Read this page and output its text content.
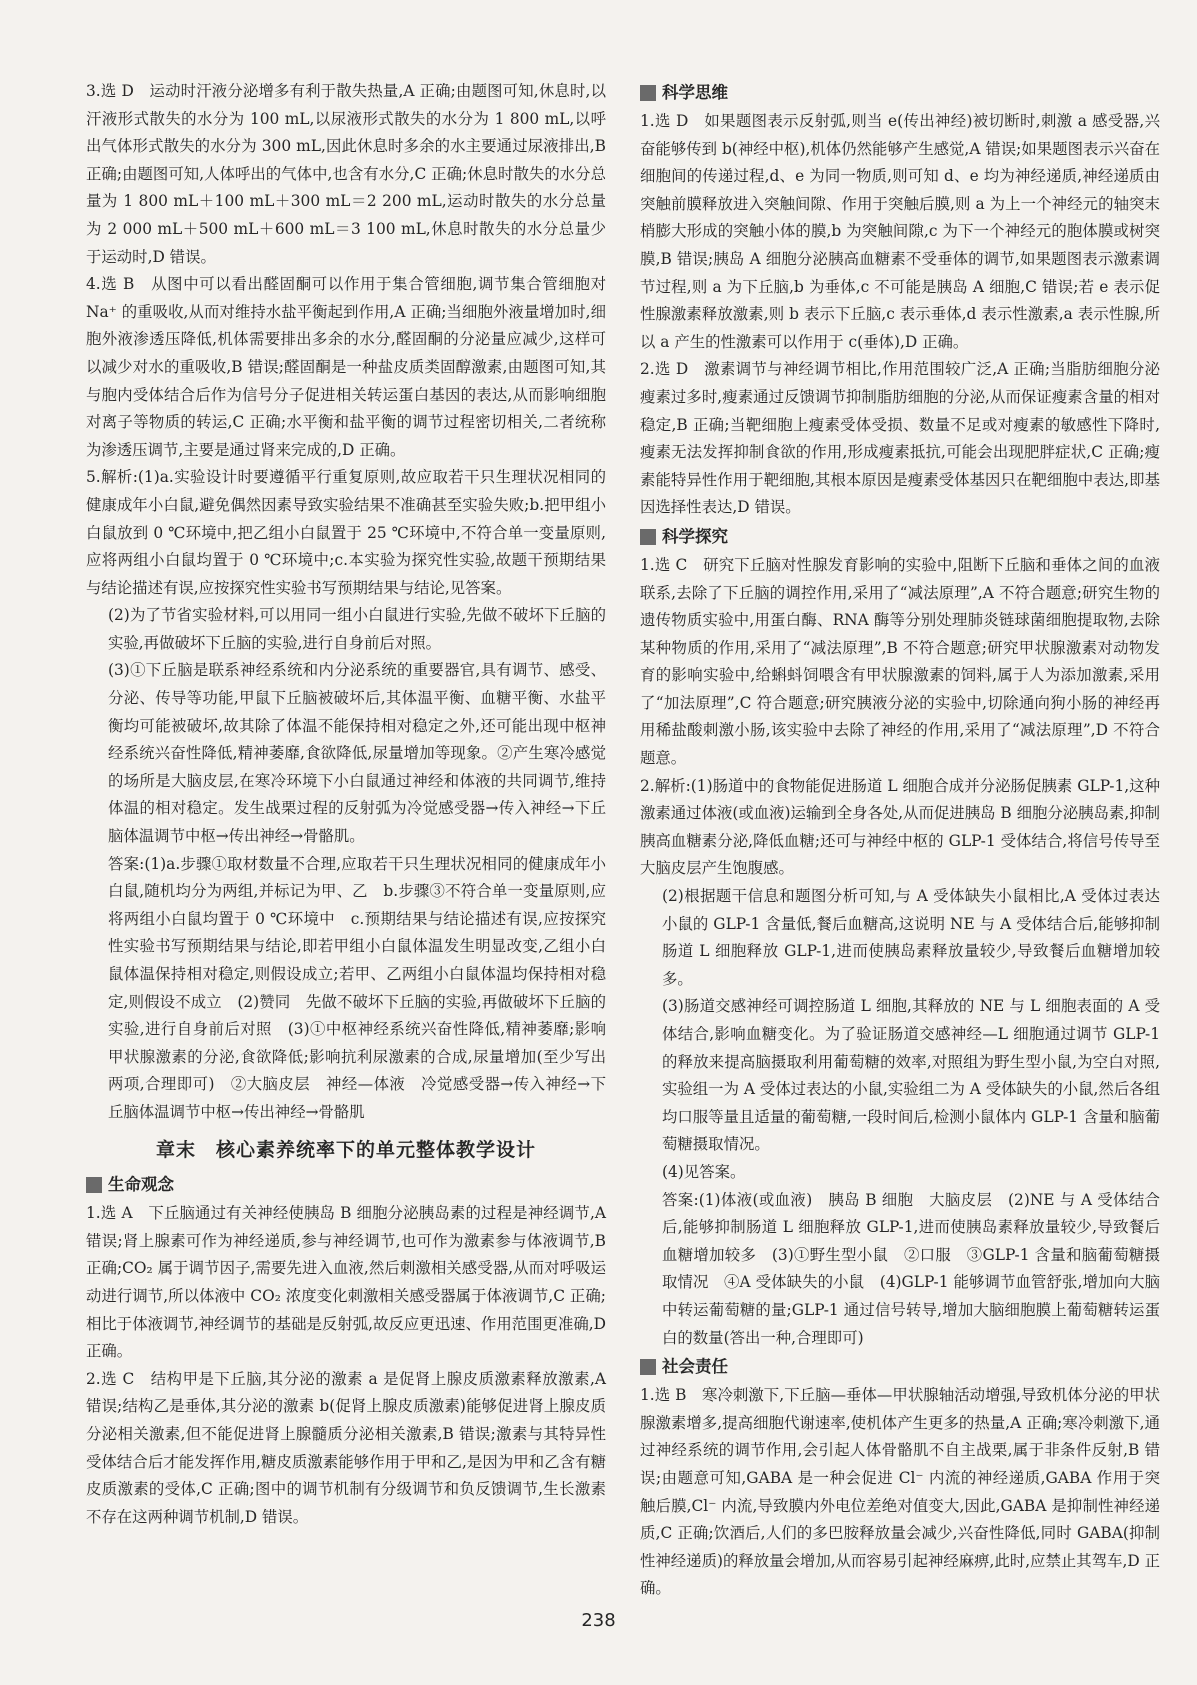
3.选 D　运动时汗液分泌增多有利于散失热量,A 正确;由题图可知,休息时,以汗液形式散失的水分为 100 mL,以尿液形式散失的水分为 1 800 mL,以呼出气体形式散失的水分为 300 mL,因此休息时多余的水主要通过尿液排出,B 正确;由题图可知,人体呼出的气体中,也含有水分,C 正确;休息时散失的水分总量为 1 800 mL＋100 mL＋300 mL＝2 200 mL,运动时散失的水分总量为 2 000 mL＋500 mL＋600 mL＝3 100 mL,休息时散失的水分总量少于运动时,D 错误。

4.选 B　从图中可以看出醛固酮可以作用于集合管细胞,调节集合管细胞对 Na⁺ 的重吸收,从而对维持水盐平衡起到作用,A 正确;当细胞外液量增加时,细胞外液渗透压降低,机体需要排出多余的水分,醛固酮的分泌量应减少,这样可以减少对水的重吸收,B 错误;醛固酮是一种盐皮质类固醇激素,由题图可知,其与胞内受体结合后作为信号分子促进相关转运蛋白基因的表达,从而影响细胞对离子等物质的转运,C 正确;水平衡和盐平衡的调节过程密切相关,二者统称为渗透压调节,主要是通过肾来完成的,D 正确。

5.解析:(1)a.实验设计时要遵循平行重复原则,故应取若干只生理状况相同的健康成年小白鼠,避免偶然因素导致实验结果不准确甚至实验失败;b.把甲组小白鼠放到 0 ℃环境中,把乙组小白鼠置于 25 ℃环境中,不符合单一变量原则,应将两组小白鼠均置于 0 ℃环境中;c.本实验为探究性实验,故题干预期结果与结论描述有误,应按探究性实验书写预期结果与结论,见答案。

(2)为了节省实验材料,可以用同一组小白鼠进行实验,先做不破坏下丘脑的实验,再做破坏下丘脑的实验,进行自身前后对照。

(3)①下丘脑是联系神经系统和内分泌系统的重要器官,具有调节、感受、分泌、传导等功能,甲鼠下丘脑被破坏后,其体温平衡、血糖平衡、水盐平衡均可能被破坏,故其除了体温不能保持相对稳定之外,还可能出现中枢神经系统兴奋性降低,精神萎靡,食欲降低,尿量增加等现象。②产生寒冷感觉的场所是大脑皮层,在寒冷环境下小白鼠通过神经和体液的共同调节,维持体温的相对稳定。发生战栗过程的反射弧为冷觉感受器→传入神经→下丘脑体温调节中枢→传出神经→骨骼肌。

答案:(1)a.步骤①取材数量不合理,应取若干只生理状况相同的健康成年小白鼠,随机均分为两组,并标记为甲、乙　b.步骤③不符合单一变量原则,应将两组小白鼠均置于 0 ℃环境中　c.预期结果与结论描述有误,应按探究性实验书写预期结果与结论,即若甲组小白鼠体温发生明显改变,乙组小白鼠体温保持相对稳定,则假设成立;若甲、乙两组小白鼠体温均保持相对稳定,则假设不成立　(2)赞同　先做不破坏下丘脑的实验,再做破坏下丘脑的实验,进行自身前后对照　(3)①中枢神经系统兴奋性降低,精神萎靡;影响甲状腺激素的分泌,食欲降低;影响抗利尿激素的合成,尿量增加(至少写出两项,合理即可)　②大脑皮层　神经—体液　冷觉感受器→传入神经→下丘脑体温调节中枢→传出神经→骨骼肌

章末　核心素养统率下的单元整体教学设计
生命观念

1.选 A　下丘脑通过有关神经使胰岛 B 细胞分泌胰岛素的过程是神经调节,A 错误;肾上腺素可作为神经递质,参与神经调节,也可作为激素参与体液调节,B 正确;CO₂ 属于调节因子,需要先进入血液,然后刺激相关感受器,从而对呼吸运动进行调节,所以体液中 CO₂ 浓度变化刺激相关感受器属于体液调节,C 正确;相比于体液调节,神经调节的基础是反射弧,故反应更迅速、作用范围更准确,D 正确。

2.选 C　结构甲是下丘脑,其分泌的激素 a 是促肾上腺皮质激素释放激素,A 错误;结构乙是垂体,其分泌的激素 b(促肾上腺皮质激素)能够促进肾上腺皮质分泌相关激素,但不能促进肾上腺髓质分泌相关激素,B 错误;激素与其特异性受体结合后才能发挥作用,糖皮质激素能够作用于甲和乙,是因为甲和乙含有糖皮质激素的受体,C 正确;图中的调节机制有分级调节和负反馈调节,生长激素不存在这两种调节机制,D 错误。

科学思维

1.选 D　如果题图表示反射弧,则当 e(传出神经)被切断时,刺激 a 感受器,兴奋能够传到 b(神经中枢),机体仍然能够产生感觉,A 错误;如果题图表示兴奋在细胞间的传递过程,d、e 为同一物质,则可知 d、e 均为神经递质,神经递质由突触前膜释放进入突触间隙、作用于突触后膜,则 a 为上一个神经元的轴突末梢膨大形成的突触小体的膜,b 为突触间隙,c 为下一个神经元的胞体膜或树突膜,B 错误;胰岛 A 细胞分泌胰高血糖素不受垂体的调节,如果题图表示激素调节过程,则 a 为下丘脑,b 为垂体,c 不可能是胰岛 A 细胞,C 错误;若 e 表示促性腺激素释放激素,则 b 表示下丘脑,c 表示垂体,d 表示性激素,a 表示性腺,所以 a 产生的性激素可以作用于 c(垂体),D 正确。

2.选 D　激素调节与神经调节相比,作用范围较广泛,A 正确;当脂肪细胞分泌瘦素过多时,瘦素通过反馈调节抑制脂肪细胞的分泌,从而保证瘦素含量的相对稳定,B 正确;当靶细胞上瘦素受体受损、数量不足或对瘦素的敏感性下降时,瘦素无法发挥抑制食欲的作用,形成瘦素抵抗,可能会出现肥胖症状,C 正确;瘦素能特异性作用于靶细胞,其根本原因是瘦素受体基因只在靶细胞中表达,即基因选择性表达,D 错误。

科学探究

1.选 C　研究下丘脑对性腺发育影响的实验中,阻断下丘脑和垂体之间的血液联系,去除了下丘脑的调控作用,采用了“减法原理”,A 不符合题意;研究生物的遗传物质实验中,用蛋白酶、RNA 酶等分别处理肺炎链球菌细胞提取物,去除某种物质的作用,采用了“减法原理”,B 不符合题意;研究甲状腺激素对动物发育的影响实验中,给蝌蚪饲喂含有甲状腺激素的饲料,属于人为添加激素,采用了“加法原理”,C 符合题意;研究胰液分泌的实验中,切除通向狗小肠的神经再用稀盐酸刺激小肠,该实验中去除了神经的作用,采用了“减法原理”,D 不符合题意。

2.解析:(1)肠道中的食物能促进肠道 L 细胞合成并分泌肠促胰素 GLP-1,这种激素通过体液(或血液)运输到全身各处,从而促进胰岛 B 细胞分泌胰岛素,抑制胰高血糖素分泌,降低血糖;还可与神经中枢的 GLP-1 受体结合,将信号传导至大脑皮层产生饱腹感。

(2)根据题干信息和题图分析可知,与 A 受体缺失小鼠相比,A 受体过表达小鼠的 GLP-1 含量低,餐后血糖高,这说明 NE 与 A 受体结合后,能够抑制肠道 L 细胞释放 GLP-1,进而使胰岛素释放量较少,导致餐后血糖增加较多。

(3)肠道交感神经可调控肠道 L 细胞,其释放的 NE 与 L 细胞表面的 A 受体结合,影响血糖变化。为了验证肠道交感神经—L 细胞通过调节 GLP-1 的释放来提高脑摄取利用葡萄糖的效率,对照组为野生型小鼠,为空白对照,实验组一为 A 受体过表达的小鼠,实验组二为 A 受体缺失的小鼠,然后各组均口服等量且适量的葡萄糖,一段时间后,检测小鼠体内 GLP-1 含量和脑葡萄糖摄取情况。

(4)见答案。

答案:(1)体液(或血液)　胰岛 B 细胞　大脑皮层　(2)NE 与 A 受体结合后,能够抑制肠道 L 细胞释放 GLP-1,进而使胰岛素释放量较少,导致餐后血糖增加较多　(3)①野生型小鼠　②口服　③GLP-1 含量和脑葡萄糖摄取情况　④A 受体缺失的小鼠　(4)GLP-1 能够调节血管舒张,增加向大脑中转运葡萄糖的量;GLP-1 通过信号转导,增加大脑细胞膜上葡萄糖转运蛋白的数量(答出一种,合理即可)

社会责任

1.选 B　寒冷刺激下,下丘脑—垂体—甲状腺轴活动增强,导致机体分泌的甲状腺激素增多,提高细胞代谢速率,使机体产生更多的热量,A 正确;寒冷刺激下,通过神经系统的调节作用,会引起人体骨骼肌不自主战栗,属于非条件反射,B 错误;由题意可知,GABA 是一种会促进 Cl⁻ 内流的神经递质,GABA 作用于突触后膜,Cl⁻ 内流,导致膜内外电位差绝对值变大,因此,GABA 是抑制性神经递质,C 正确;饮酒后,人们的多巴胺释放量会减少,兴奋性降低,同时 GABA(抑制性神经递质)的释放量会增加,从而容易引起神经麻痹,此时,应禁止其驾车,D 正确。

238
